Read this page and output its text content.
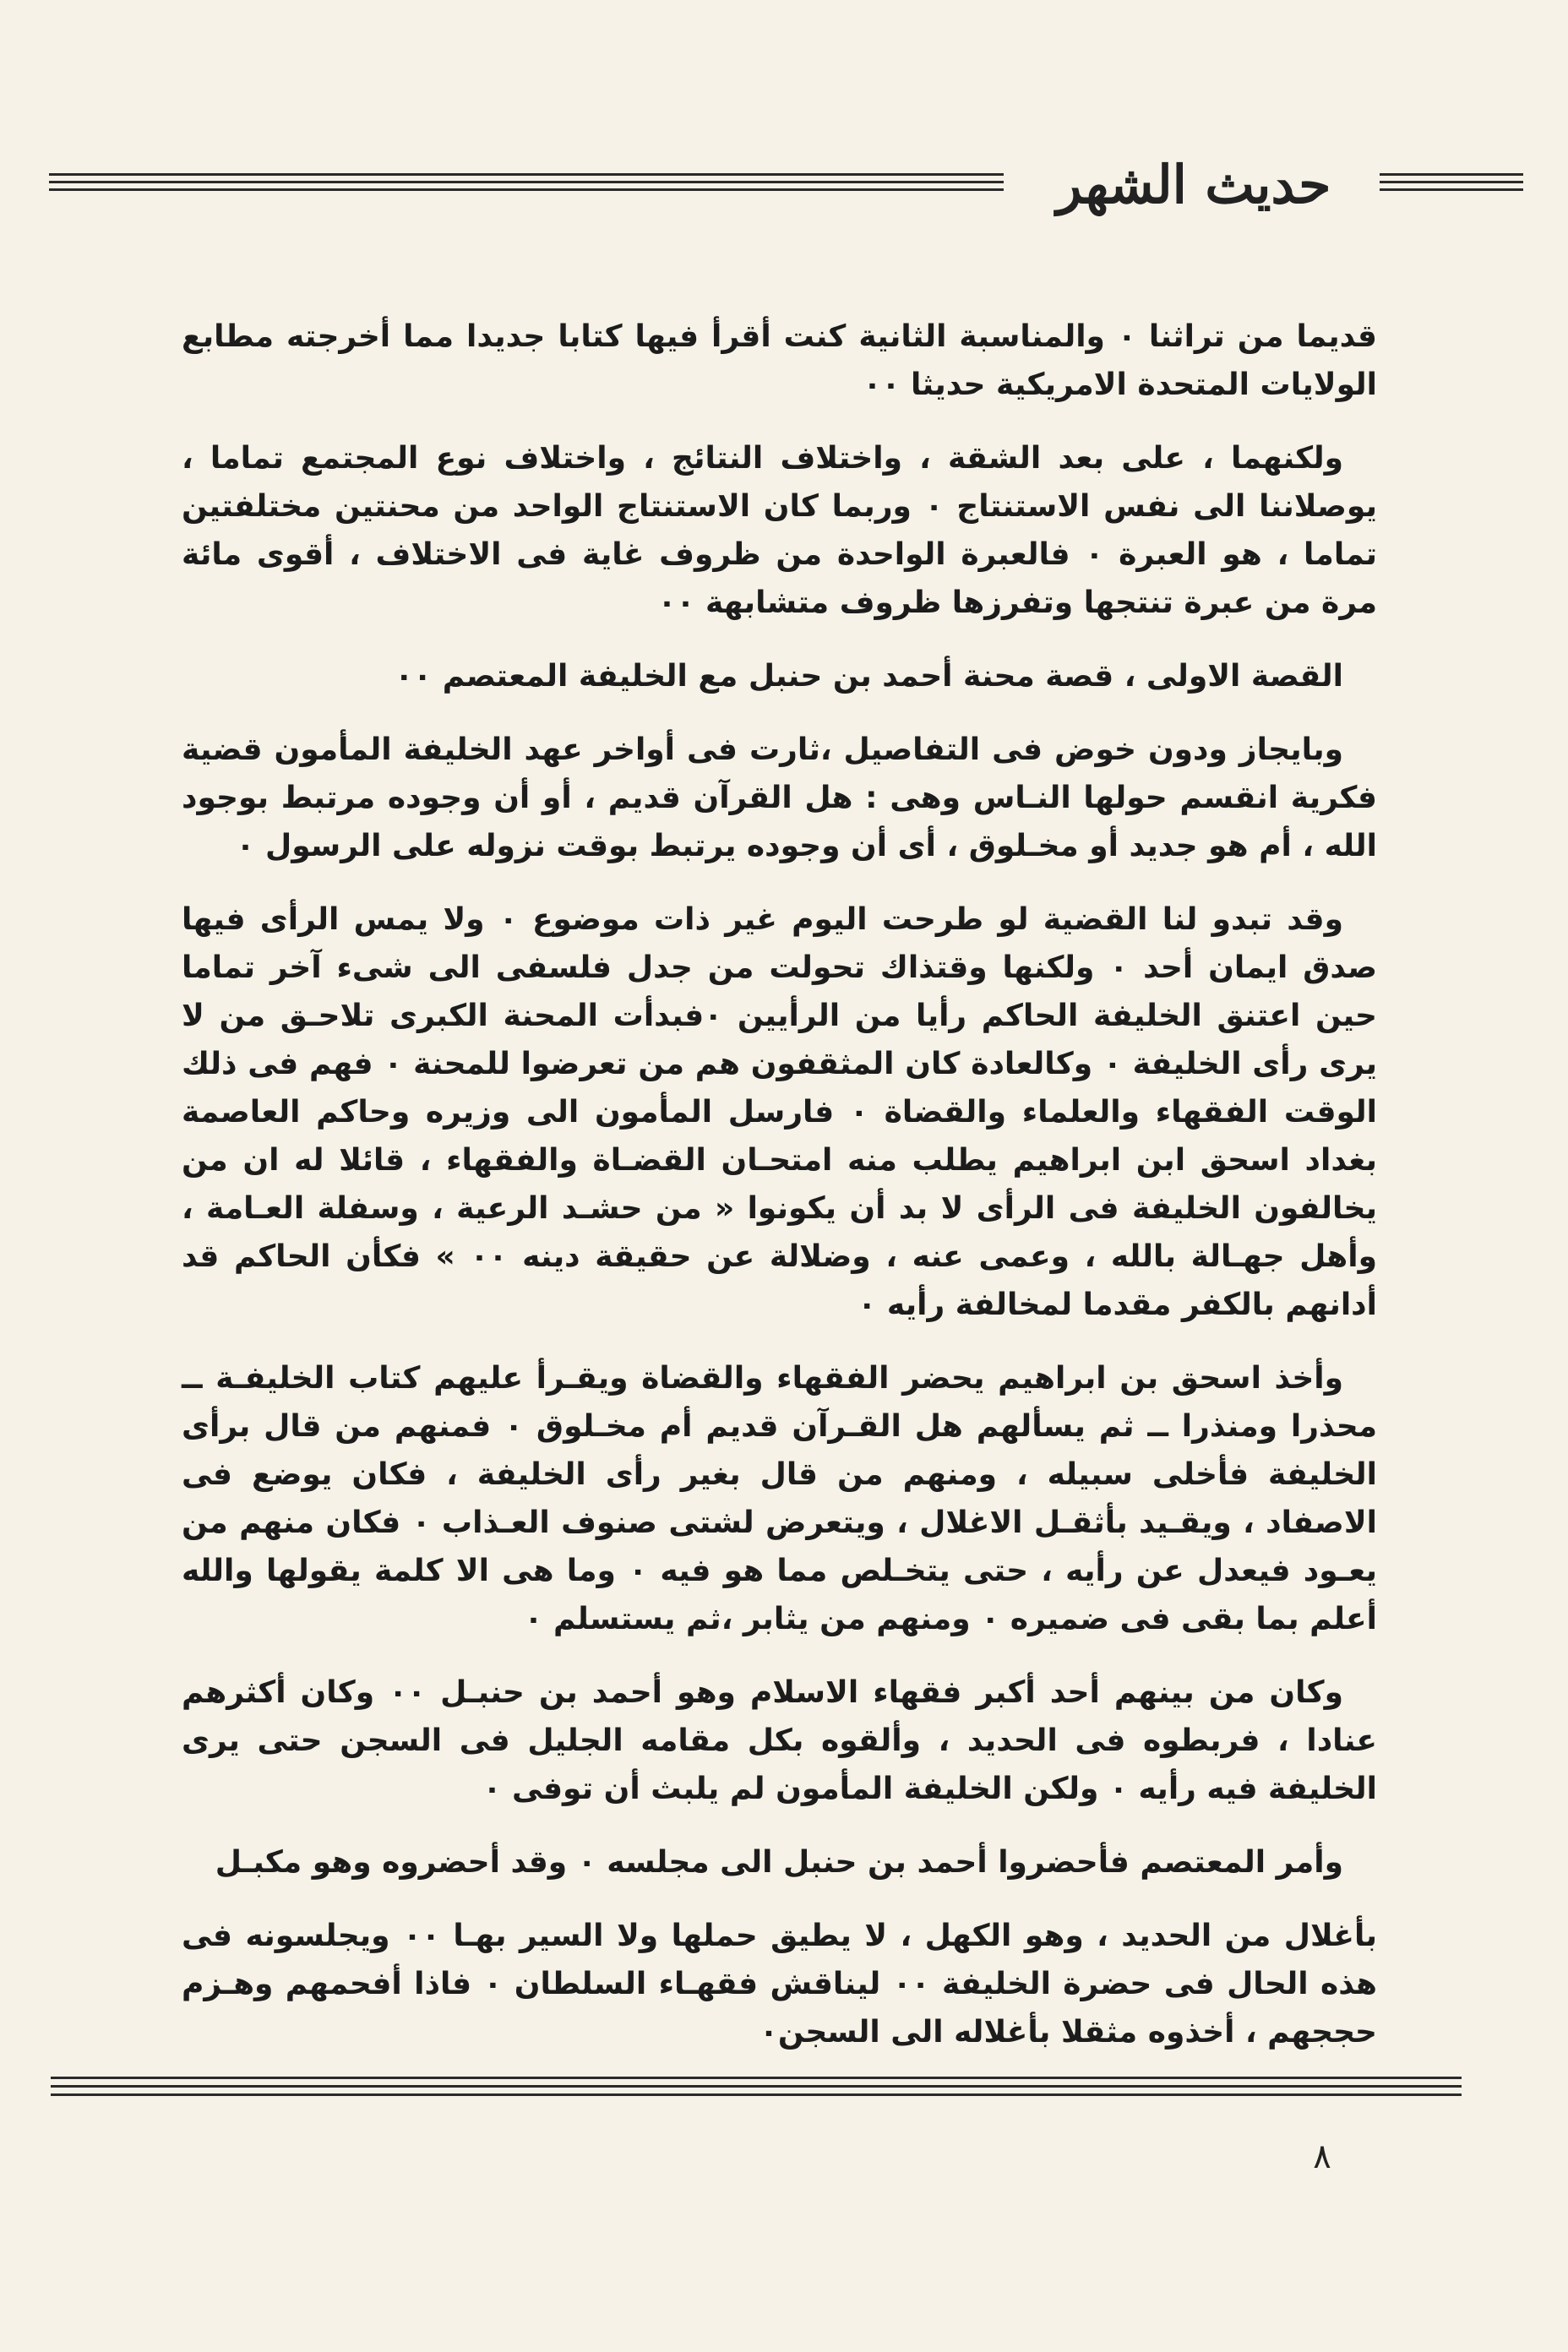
حديث الشهر

قديما من تراثنا ٠ والمناسبة الثانية كنت أقرأ فيها كتابا جديدا مما أخرجته مطابع الولايات المتحدة الامريكية حديثا ٠٠

ولكنهما ، على بعد الشقة ، واختلاف النتائج ، واختلاف نوع المجتمع تماما ، يوصلاننا الى نفس الاستنتاج ٠ وربما كان الاستنتاج الواحد من محنتين مختلفتين تماما ، هو العبرة ٠ فالعبرة الواحدة من ظروف غاية فى الاختلاف ، أقوى مائة مرة من عبرة تنتجها وتفرزها ظروف متشابهة ٠٠

القصة الاولى ، قصة محنة أحمد بن حنبل مع الخليفة المعتصم ٠٠

وبايجاز ودون خوض فى التفاصيل ،ثارت فى أواخر عهد الخليفة المأمون قضية فكرية انقسم حولها النـاس وهى : هل القرآن قديم ، أو أن وجوده مرتبط بوجود الله ، أم هو جديد أو مخـلوق ، أى أن وجوده يرتبط بوقت نزوله على الرسول ٠

وقد تبدو لنا القضية لو طرحت اليوم غير ذات موضوع ٠ ولا يمس الرأى فيها صدق ايمان أحد ٠ ولكنها وقتذاك تحولت من جدل فلسفى الى شىء آخر تماما حين اعتنق الخليفة الحاكم رأيا من الرأيين ٠فبدأت المحنة الكبرى تلاحـق من لا يرى رأى الخليفة ٠ وكالعادة كان المثقفون هم من تعرضوا للمحنة ٠ فهم فى ذلك الوقت الفقهاء والعلماء والقضاة ٠ فارسل المأمون الى وزيره وحاكم العاصمة بغداد اسحق ابن ابراهيم يطلب منه امتحـان القضـاة والفقهاء ، قائلا له ان من يخالفون الخليفة فى الرأى لا بد أن يكونوا « من حشـد الرعية ، وسفلة العـامة ، وأهل جهـالة بالله ، وعمى عنه ، وضلالة عن حقيقة دينه ٠٠ » فكأن الحاكم قد أدانهم بالكفر مقدما لمخالفة رأيه ٠

وأخذ اسحق بن ابراهيم يحضر الفقهاء والقضاة ويقـرأ عليهم كتاب الخليفـة ــ محذرا ومنذرا ــ ثم يسألهم هل القـرآن قديم أم مخـلوق ٠ فمنهم من قال برأى الخليفة فأخلى سبيله ، ومنهم من قال بغير رأى الخليفة ، فكان يوضع فى الاصفاد ، ويقـيد بأثقـل الاغلال ، ويتعرض لشتى صنوف العـذاب ٠ فكان منهم من يعـود فيعدل عن رأيه ، حتى يتخـلص مما هو فيه ٠ وما هى الا كلمة يقولها والله أعلم بما بقى فى ضميره ٠ ومنهم من يثابر ،ثم يستسلم ٠

وكان من بينهم أحد أكبر فقهاء الاسلام وهو أحمد بن حنبـل ٠٠ وكان أكثرهم عنادا ، فربطوه فى الحديد ، وألقوه بكل مقامه الجليل فى السجن حتى يرى الخليفة فيه رأيه ٠ ولكن الخليفة المأمون لم يلبث أن توفى ٠

وأمر المعتصم فأحضروا أحمد بن حنبل الى مجلسه ٠ وقد أحضروه وهو مكبـل

بأغلال من الحديد ، وهو الكهل ، لا يطيق حملها ولا السير بهـا ٠٠ ويجلسونه فى هذه الحال فى حضرة الخليفة ٠٠ ليناقش فقهـاء السلطان ٠ فاذا أفحمهم وهـزم حججهم ، أخذوه مثقلا بأغلاله الى السجن٠

٨
